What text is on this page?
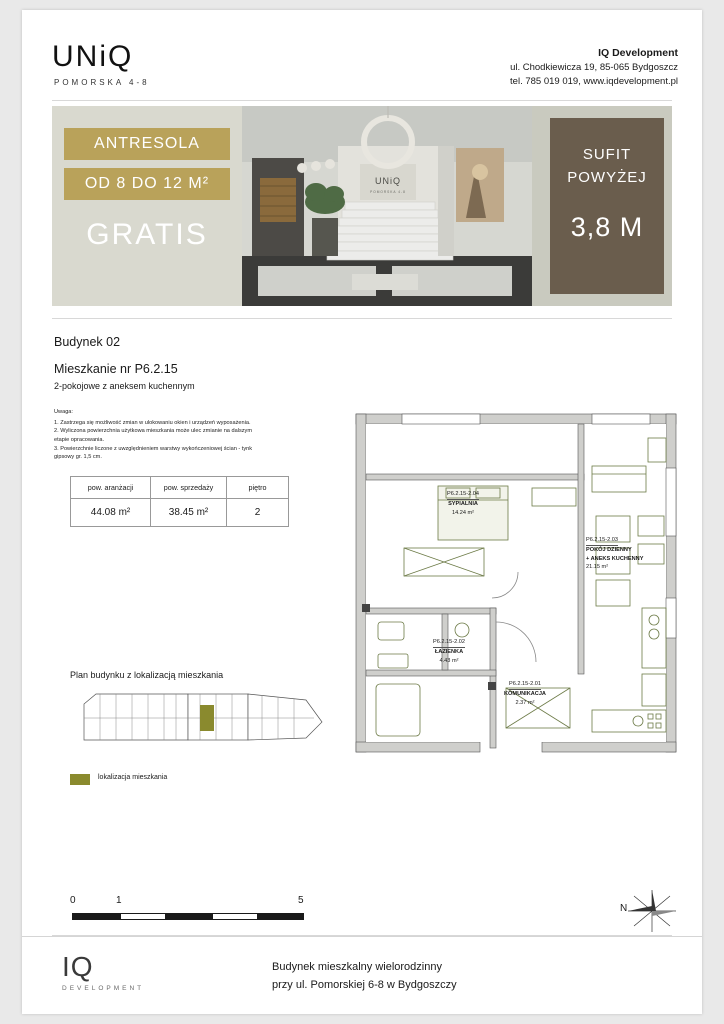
UNiQ
POMORSKA 4-8
IQ Development
ul. Chodkiewicza 19, 85-065 Bydgoszcz
tel. 785 019 019, www.iqdevelopment.pl
ANTRESOLA
OD 8 DO 12 M²
GRATIS
UNiQ
POMORSKA 4-8
SUFIT
POWYŻEJ
3,8 M
Budynek 02
Mieszkanie nr P6.2.15
2-pokojowe z aneksem kuchennym
Uwaga:
1. Zastrzega się możliwość zmian w ulokowaniu okien i urządzeń wyposażenia.
2. Wyliczona powierzchnia użytkowa mieszkania może ulec zmianie na dalszym
etapie opracowania.
3. Powierzchnie liczone z uwzględnieniem warstwy wykończeniowej ścian - tynk
gipsowy gr. 1,5 cm.
pow. aranżacji	pow. sprzedaży	piętro
44.08 m²	38.45 m²	2
Plan budynku z lokalizacją mieszkania
lokalizacja mieszkania
P6.2.15-2.04
SYPIALNIA
14.24 m²
P6.2.15-2.03
POKÓJ DZIENNY
+ ANEKS KUCHENNY
21.15 m²
P6.2.15-2.02
ŁAZIENKA
4.43 m²
P6.2.15-2.01
KOMUNIKACJA
2.37 m²
0	1	5
N
IQ
DEVELOPMENT
Budynek mieszkalny wielorodzinny
przy ul. Pomorskiej 6-8 w Bydgoszczy
